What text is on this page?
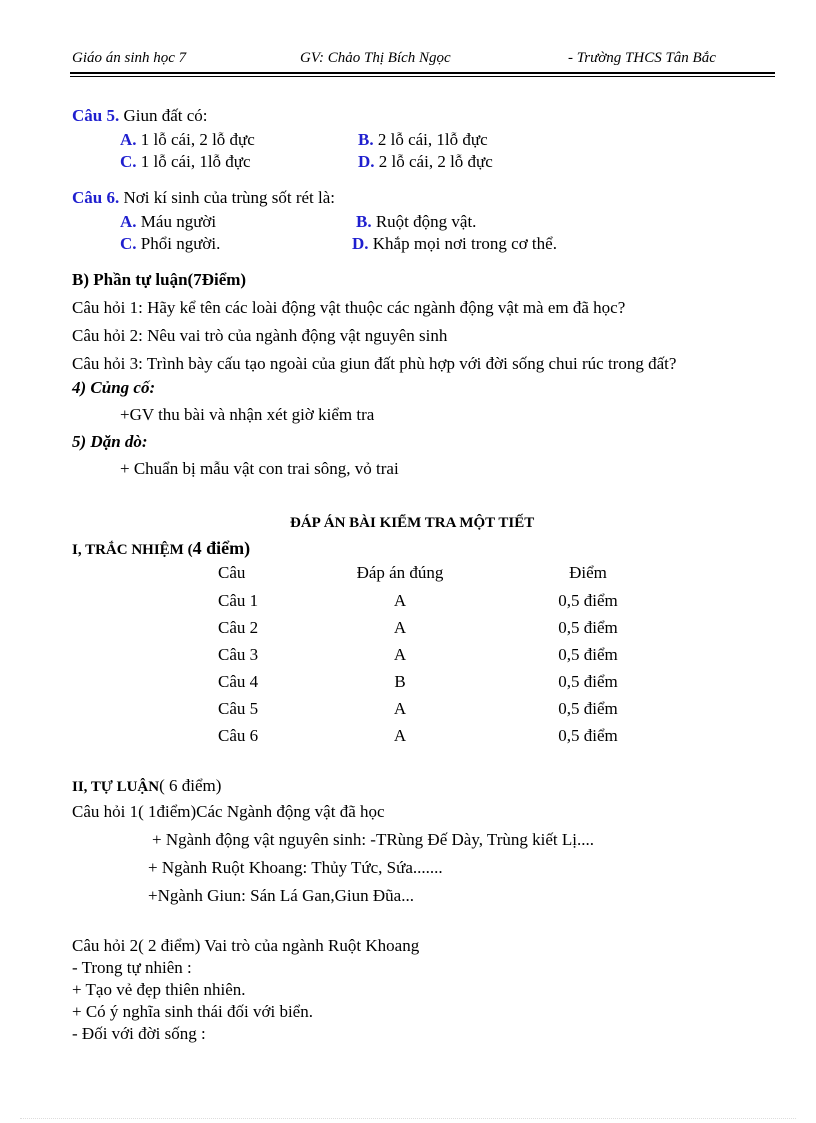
Giáo án sinh học 7	GV: Chảo Thị Bích Ngọc	- Trường THCS Tân Bắc
Câu 5. Giun đất có:
A. 1 lỗ cái, 2 lỗ đực	B. 2 lỗ cái, 1lỗ đực
C. 1 lỗ cái, 1lỗ đực	D. 2 lỗ cái, 2 lỗ đực
Câu 6. Nơi kí sinh của trùng sốt rét là:
A. Máu người	B. Ruột động vật.
C. Phổi người.	D. Khắp mọi nơi trong cơ thể.
B) Phần tự luận(7Điểm)
Câu hỏi 1: Hãy kể tên các loài động vật thuộc các ngành động vật mà em đã học?
Câu hỏi 2: Nêu vai trò của ngành động vật nguyên sinh
Câu hỏi 3: Trình bày cấu tạo ngoài của giun đất phù hợp với đời sống chui rúc trong đất?
4) Củng cố:
+GV thu bài và nhận xét giờ kiểm tra
5) Dặn dò:
+ Chuẩn bị mẫu vật con trai sông, vỏ trai
ĐÁP ÁN BÀI KIỂM TRA MỘT TIẾT
I, TRẮC NHIỆM (4 điểm)
Câu	Đáp án đúng	Điểm
Câu 1	A	0,5 điểm
Câu 2	A	0,5 điểm
Câu 3	A	0,5 điểm
Câu 4	B	0,5 điểm
Câu 5	A	0,5 điểm
Câu 6	A	0,5 điểm
II, TỰ LUẬN( 6 điểm)
Câu hỏi 1( 1điểm)Các Ngành động vật đã học
+ Ngành động vật nguyên sinh: -TRùng Đế Dày, Trùng kiết Lị....
+ Ngành Ruột Khoang: Thủy Tức, Sứa.......
+Ngành Giun: Sán Lá Gan,Giun Đũa...
Câu hỏi 2( 2 điểm) Vai trò của ngành Ruột Khoang
- Trong tự nhiên :
+ Tạo vẻ đẹp thiên nhiên.
+ Có ý nghĩa sinh thái đối với biển.
- Đối với đời sống :
